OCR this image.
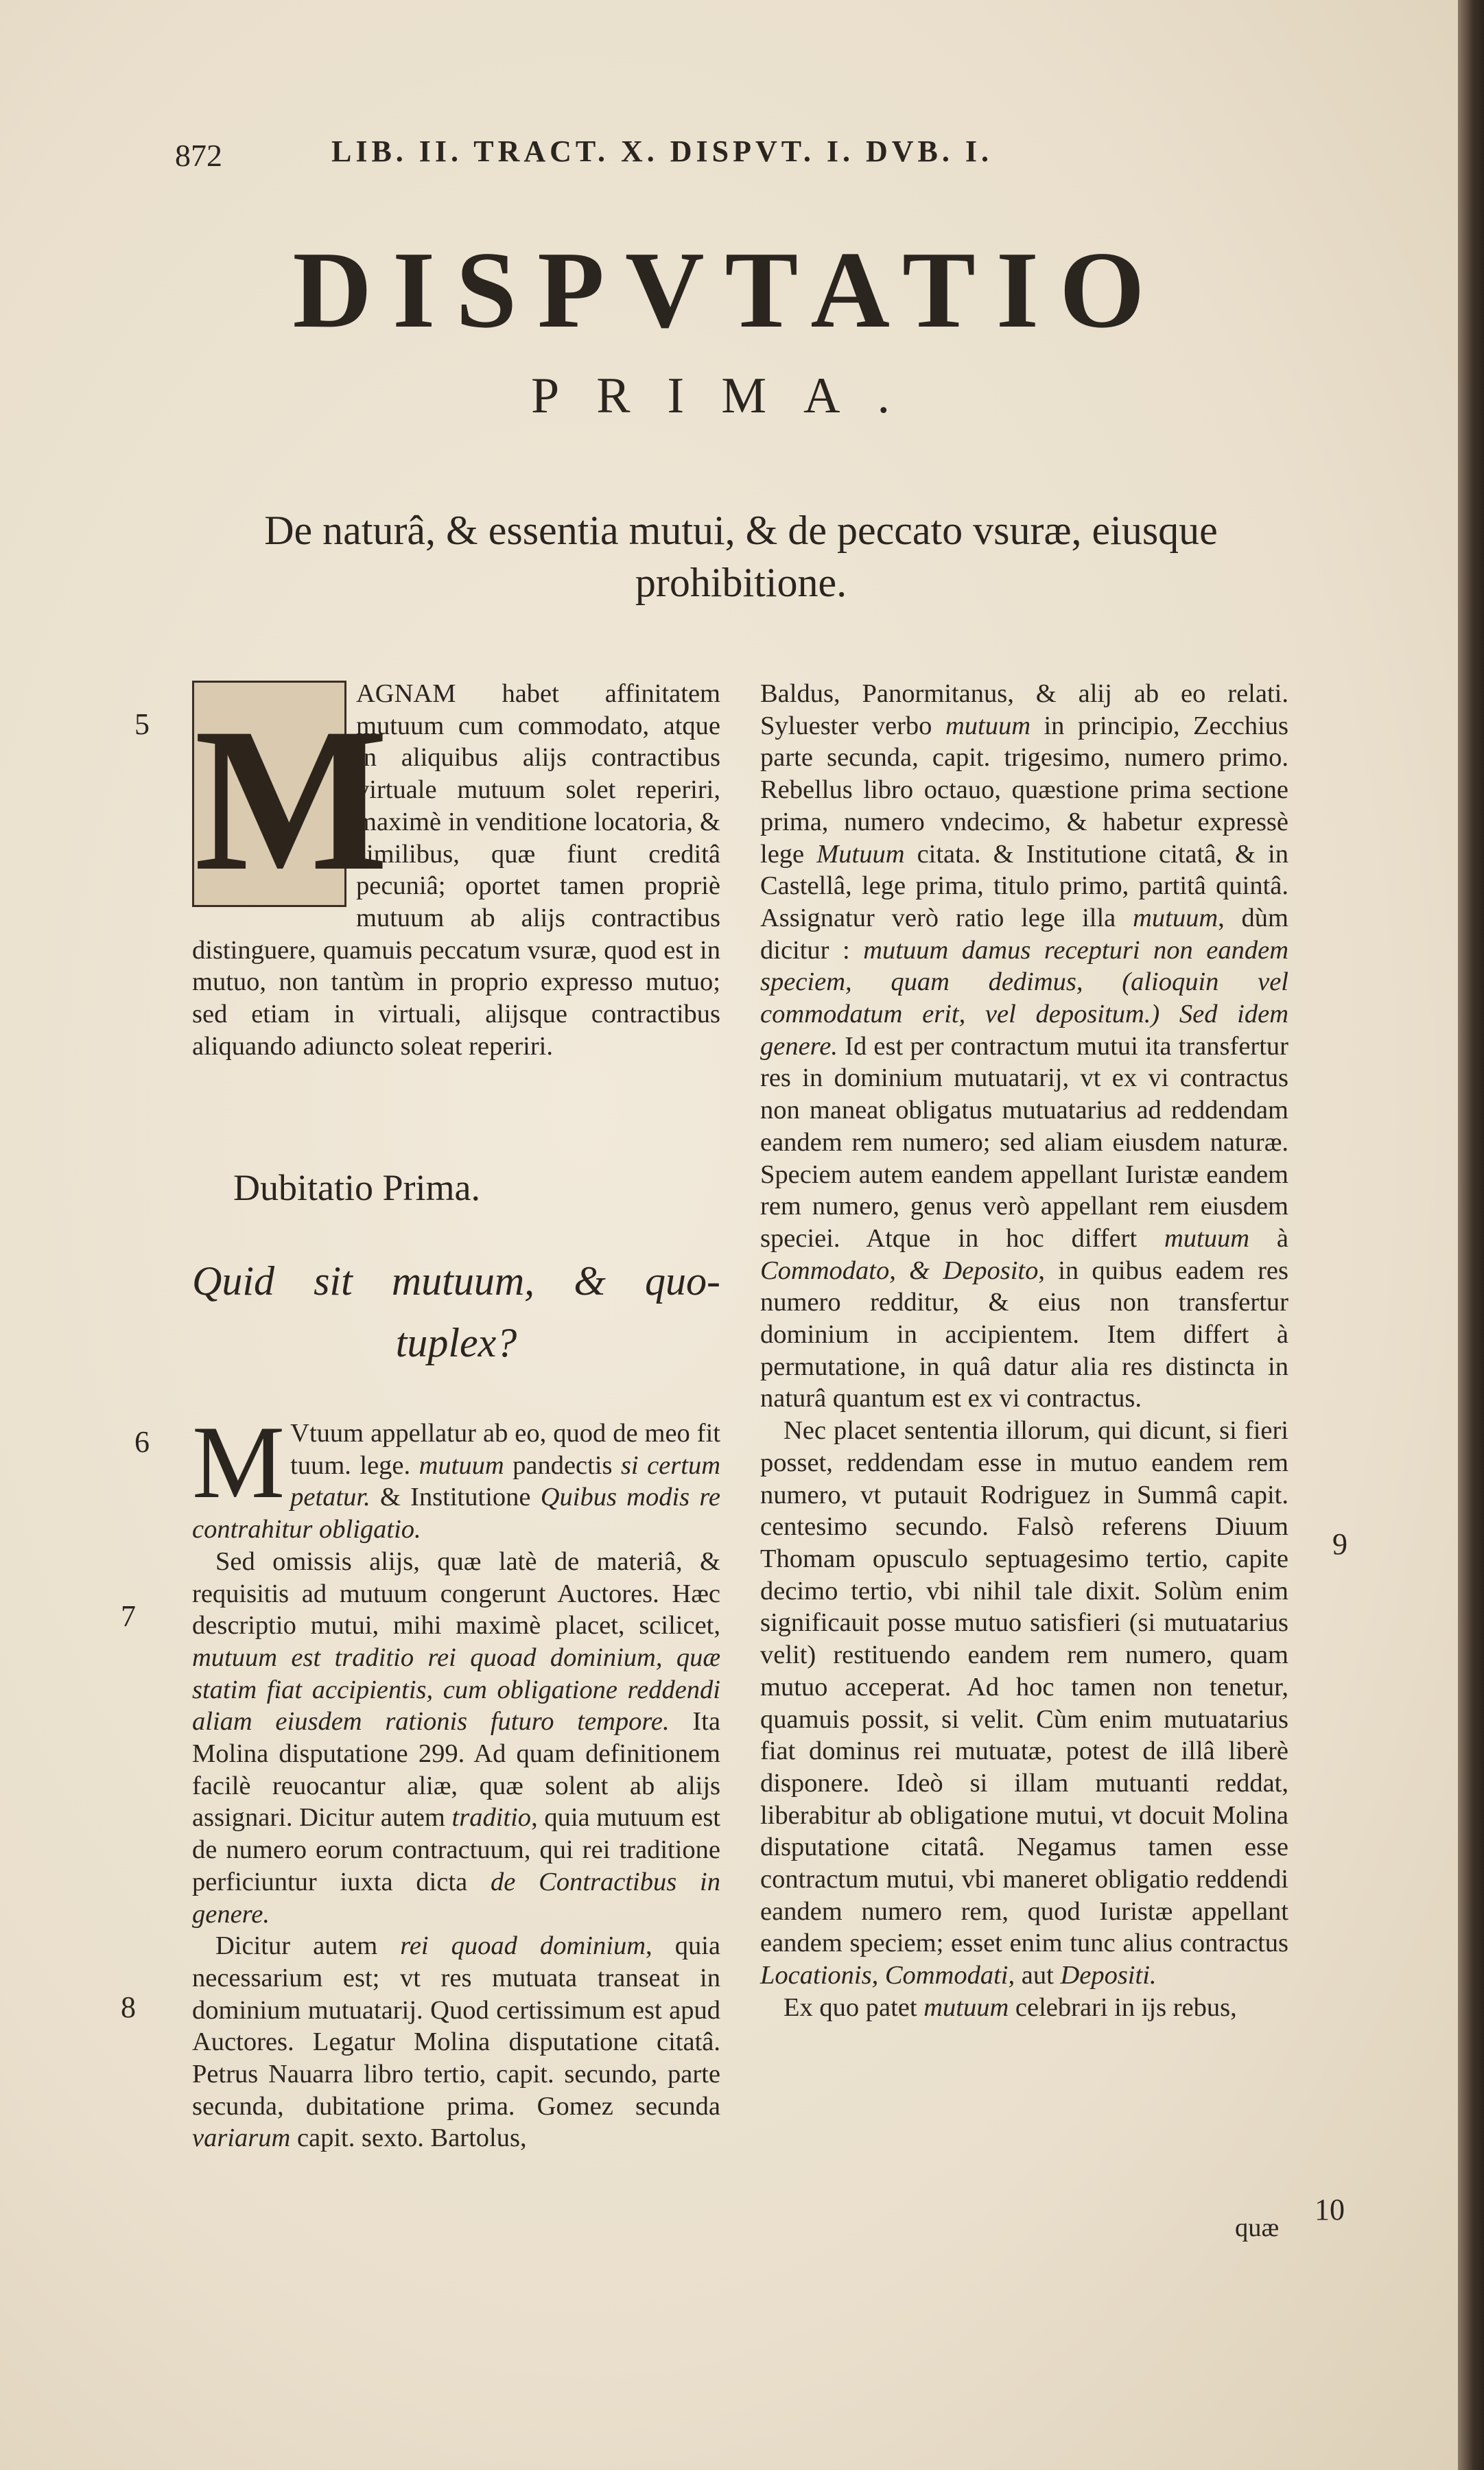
872	LIB. II. TRACT. X. DISPVT. I. DVB. I.
DISPVTATIO
PRIMA.
De naturâ, & essentia mutui, & de peccato vsuræ, eiusque prohibitione.
M

AGNAM habet affinitatem mutuum cum commodato, atque in aliquibus alijs contractibus virtuale mutuum solet reperiri, maximè in venditione locatoria, & similibus, quæ fiunt creditâ pecuniâ; oportet tamen propriè mutuum ab alijs contractibus distinguere, quamuis peccatum vsuræ, quod est in mutuo, non tantùm in proprio expresso mutuo; sed etiam in virtuali, alijsque contractibus aliquando adiuncto soleat reperiri.

Dubitatio Prima.
Quid sit mutuum, & quo-
tuplex?

M Vtuum appellatur ab eo, quod de meo fit tuum. lege. mutuum pandectis si certum petatur. & Institutione Quibus modis re contrahitur obligatio.

Sed omissis alijs, quæ latè de materiâ, & requisitis ad mutuum congerunt Auctores. Hæc descriptio mutui, mihi maximè placet, scilicet, mutuum est traditio rei quoad dominium, quæ statim fiat accipientis, cum obligatione reddendi aliam eiusdem rationis futuro tempore. Ita Molina disputatione 299. Ad quam definitionem facilè reuocantur aliæ, quæ solent ab alijs assignari. Dicitur autem traditio, quia mutuum est de numero eorum contractuum, qui rei traditione perficiuntur iuxta dicta de Contractibus in genere.

Dicitur autem rei quoad dominium, quia necessarium est; vt res mutuata transeat in dominium mutuatarij. Quod certissimum est apud Auctores. Legatur Molina disputatione citatâ. Petrus Nauarra libro tertio, capit. secundo, parte secunda, dubitatione prima. Gomez secunda variarum capit. sexto. Bartolus,

Baldus, Panormitanus, & alij ab eo relati. Syluester verbo mutuum in principio, Zecchius parte secunda, capit. trigesimo, numero primo. Rebellus libro octauo, quæstione prima sectione prima, numero vndecimo, & habetur expressè lege Mutuum citata. & Institutione citatâ, & in Castellâ, lege prima, titulo primo, partitâ quintâ. Assignatur verò ratio lege illa mutuum, dùm dicitur : mutuum damus recepturi non eandem speciem, quam dedimus, (alioquin vel commodatum erit, vel depositum.) Sed idem genere. Id est per contractum mutui ita transfertur res in dominium mutuatarij, vt ex vi contractus non maneat obligatus mutuatarius ad reddendam eandem rem numero; sed aliam eiusdem naturæ. Speciem autem eandem appellant Iuristæ eandem rem numero, genus verò appellant rem eiusdem speciei. Atque in hoc differt mutuum à Commodato, & Deposito, in quibus eadem res numero redditur, & eius non transfertur dominium in accipientem. Item differt à permutatione, in quâ datur alia res distincta in naturâ quantum est ex vi contractus.

Nec placet sententia illorum, qui dicunt, si fieri posset, reddendam esse in mutuo eandem rem numero, vt putauit Rodriguez in Summâ capit. centesimo secundo. Falsò referens Diuum Thomam opusculo septuagesimo tertio, capite decimo tertio, vbi nihil tale dixit. Solùm enim significauit posse mutuo satisfieri (si mutuatarius velit) restituendo eandem rem numero, quam mutuo acceperat. Ad hoc tamen non tenetur, quamuis possit, si velit. Cùm enim mutuatarius fiat dominus rei mutuatæ, potest de illâ liberè disponere. Ideò si illam mutuanti reddat, liberabitur ab obligatione mutui, vt docuit Molina disputatione citatâ. Negamus tamen esse contractum mutui, vbi maneret obligatio reddendi eandem numero rem, quod Iuristæ appellant eandem speciem; esset enim tunc alius contractus Locationis, Commodati, aut Depositi.

Ex quo patet mutuum celebrari in ijs rebus,

quæ
5
6
7
8
9
10
